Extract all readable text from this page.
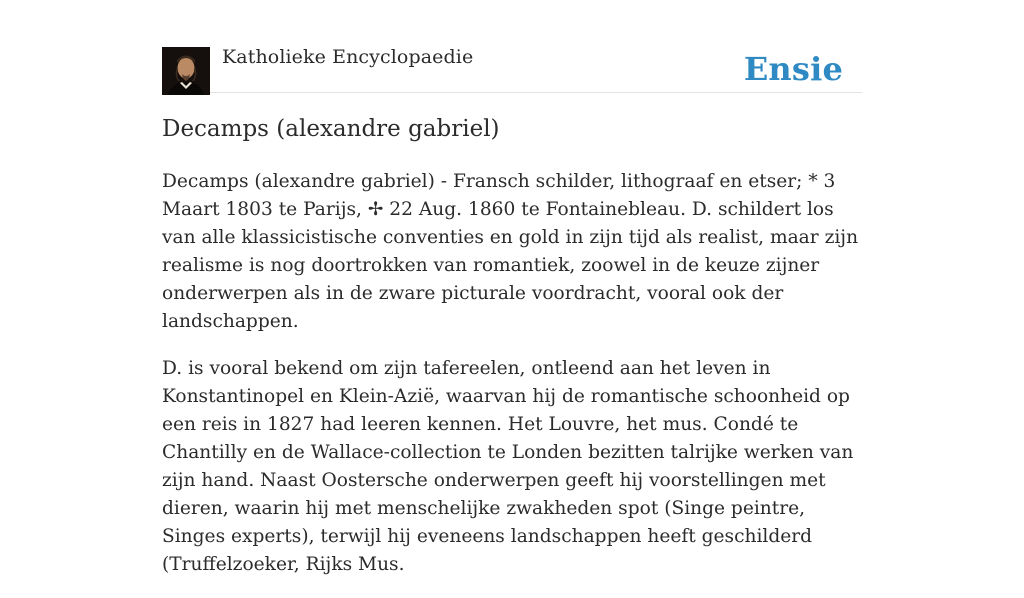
Katholieke Encyclopaedie	Ensie
Decamps (alexandre gabriel)

Decamps (alexandre gabriel) - Fransch schilder, lithograaf en etser; * 3 Maart 1803 te Parijs, ✢ 22 Aug. 1860 te Fontainebleau. D. schildert los van alle klassicistische conventies en gold in zijn tijd als realist, maar zijn realisme is nog doortrokken van romantiek, zoowel in de keuze zijner onderwerpen als in de zware picturale voordracht, vooral ook der landschappen.

D. is vooral bekend om zijn tafereelen, ontleend aan het leven in Konstantinopel en Klein-Azië, waarvan hij de romantische schoonheid op een reis in 1827 had leeren kennen. Het Louvre, het mus. Condé te Chantilly en de Wallace-collection te Londen bezitten talrijke werken van zijn hand. Naast Oostersche onderwerpen geeft hij voorstellingen met dieren, waarin hij met menschelijke zwakheden spot (Singe peintre, Singes experts), terwijl hij eveneens landschappen heeft geschilderd (Truffelzoeker, Rijks Mus.
